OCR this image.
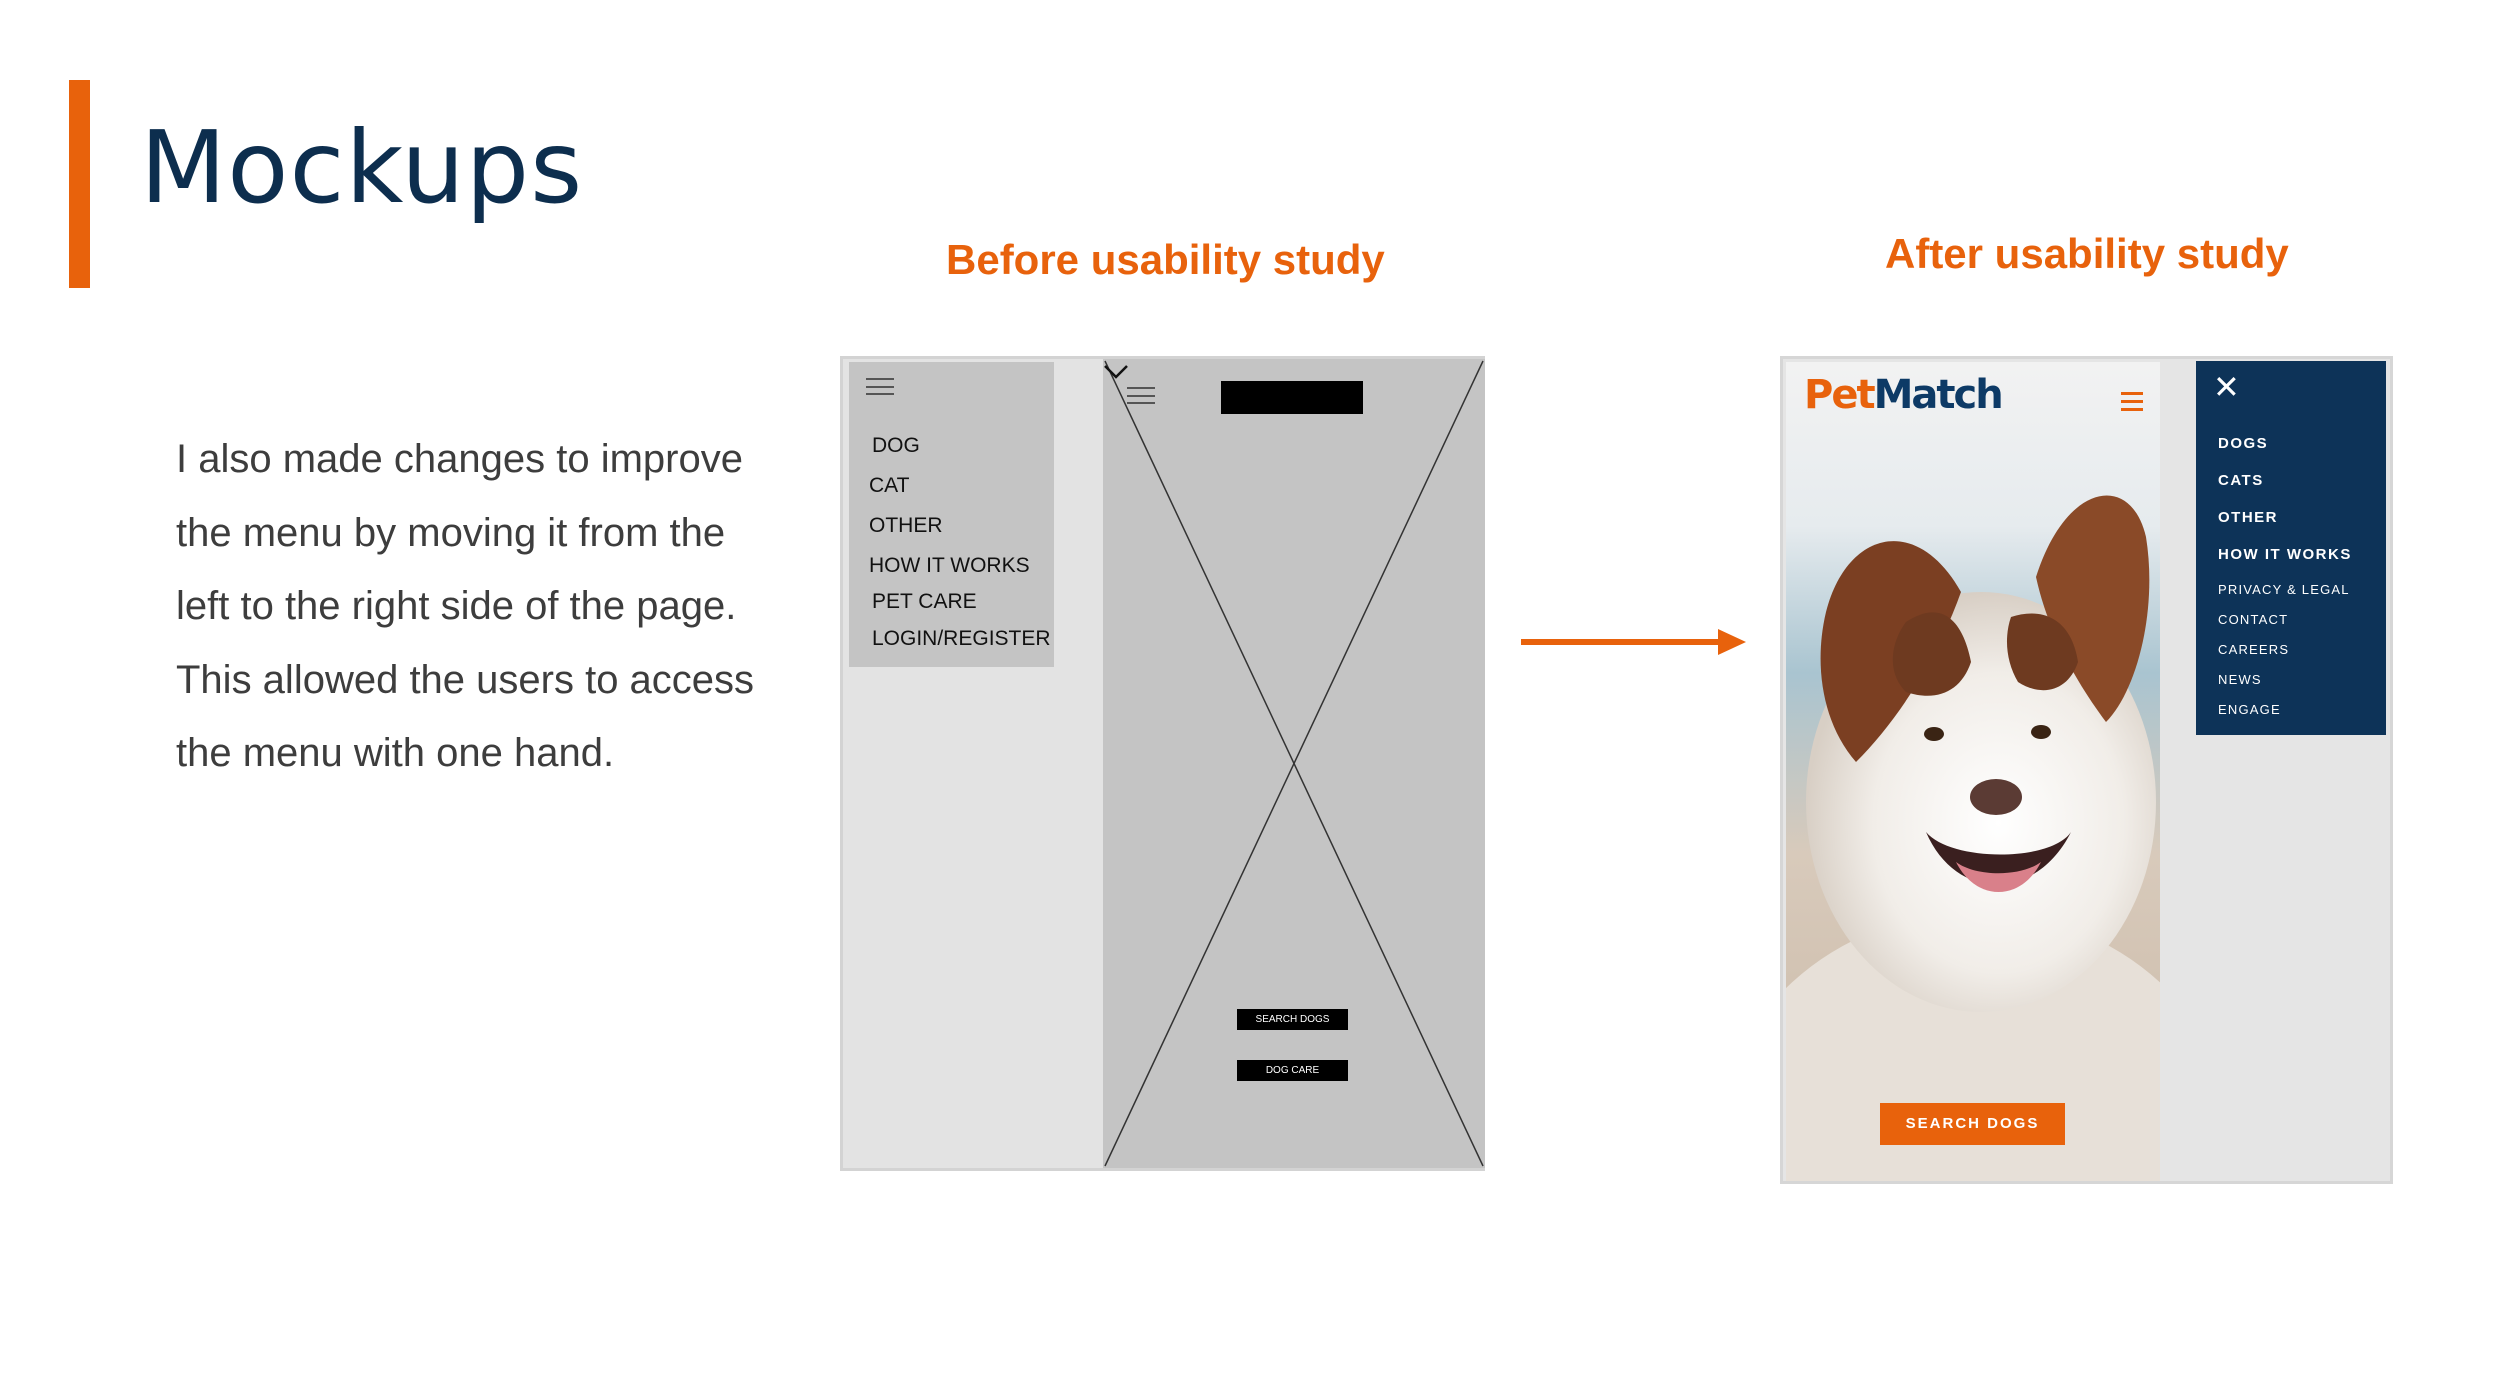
Mockups

I also made changes to improve the menu by moving it from the left to the right side of the page. This allowed the users to access the menu with one hand.

Before usability study	After usability study
DOG
CAT
OTHER
HOW IT WORKS
PET CARE
LOGIN/REGISTER
SEARCH DOGS
DOG CARE
PetMatch
SEARCH DOGS
✕
DOGS
CATS
OTHER
HOW IT WORKS
PRIVACY & LEGAL
CONTACT
CAREERS
NEWS
ENGAGE
